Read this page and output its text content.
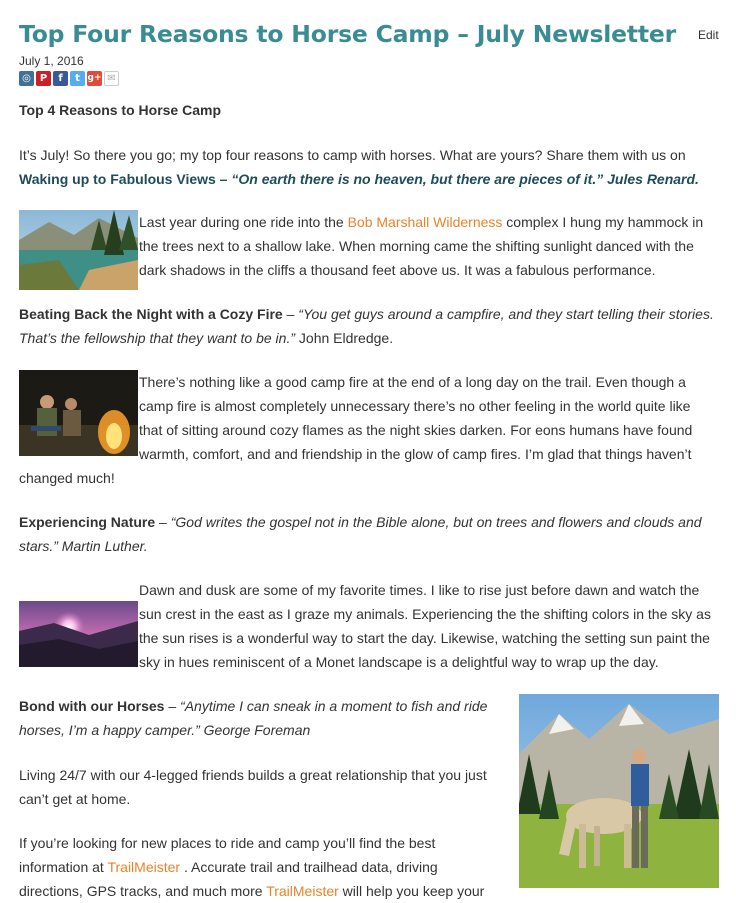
Top Four Reasons to Horse Camp – July Newsletter Edit
July 1, 2016
◎ P	f	t g+ ✉
Top 4 Reasons to Horse Camp
It’s July! So there you go; my top four reasons to camp with horses. What are yours? Share them with us on
Waking up to Fabulous Views – “On earth there is no heaven, but there are pieces of it.” Jules Renard.
Last year during one ride into the Bob Marshall Wilderness complex I hung my hammock in
the trees next to a shallow lake. When morning came the shifting sunlight danced with the
dark shadows in the cliffs a thousand feet above us. It was a fabulous performance.
Beating Back the Night with a Cozy Fire – “You get guys around a campfire, and they start telling their stories.
That’s the fellowship that they want to be in.” John Eldredge.
There’s nothing like a good camp fire at the end of a long day on the trail. Even though a
camp fire is almost completely unnecessary there’s no other feeling in the world quite like
that of sitting around cozy flames as the night skies darken. For eons humans have found
warmth, comfort, and and friendship in the glow of camp fires. I’m glad that things haven’t
changed much!
Experiencing Nature – “God writes the gospel not in the Bible alone, but on trees and flowers and clouds and
stars.” Martin Luther.
Dawn and dusk are some of my favorite times. I like to rise just before dawn and watch the
sun crest in the east as I graze my animals. Experiencing the the shifting colors in the sky as
the sun rises is a wonderful way to start the day. Likewise, watching the setting sun paint the
sky in hues reminiscent of a Monet landscape is a delightful way to wrap up the day.
Bond with our Horses – “Anytime I can sneak in a moment to fish and ride
horses, I’m a happy camper.” George Foreman
Living 24/7 with our 4-legged friends builds a great relationship that you just
can’t get at home.
If you’re looking for new places to ride and camp you’ll find the best
information at TrailMeister . Accurate trail and trailhead data, driving
directions, GPS tracks, and much more TrailMeister will help you keep your
